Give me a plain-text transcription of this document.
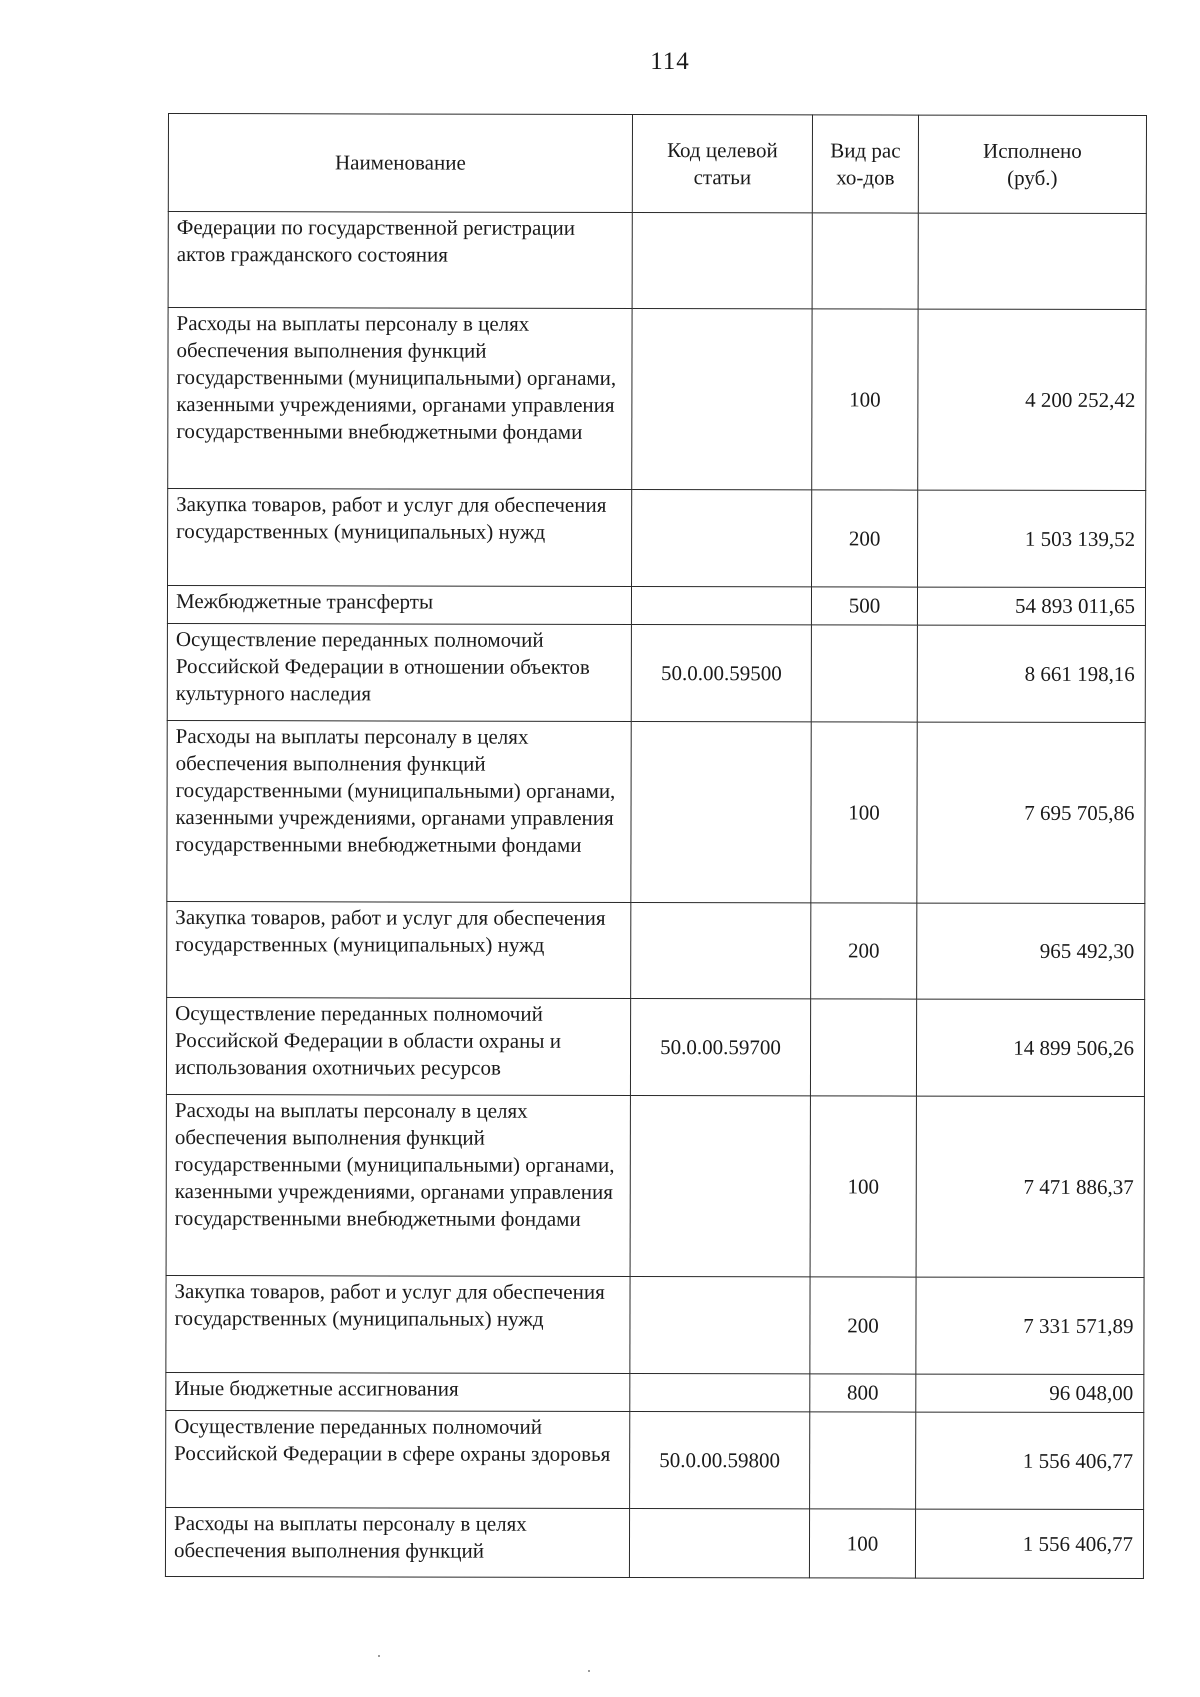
114
Наименование	Код целевой статьи	Вид расхо-дов	Исполнено (руб.)
Федерации по государственной регистрации актов гражданского состояния			
Расходы на выплаты персоналу в целях обеспечения выполнения функций государственными (муниципальными) органами, казенными учреждениями, органами управления государственными внебюджетными фондами		100	4 200 252,42
Закупка товаров, работ и услуг для обеспечения государственных (муниципальных) нужд		200	1 503 139,52
Межбюджетные трансферты		500	54 893 011,65
Осуществление переданных полномочий Российской Федерации в отношении объектов культурного наследия	50.0.00.59500		8 661 198,16
Расходы на выплаты персоналу в целях обеспечения выполнения функций государственными (муниципальными) органами, казенными учреждениями, органами управления государственными внебюджетными фондами		100	7 695 705,86
Закупка товаров, работ и услуг для обеспечения государственных (муниципальных) нужд		200	965 492,30
Осуществление переданных полномочий Российской Федерации в области охраны и использования охотничьих ресурсов	50.0.00.59700		14 899 506,26
Расходы на выплаты персоналу в целях обеспечения выполнения функций государственными (муниципальными) органами, казенными учреждениями, органами управления государственными внебюджетными фондами		100	7 471 886,37
Закупка товаров, работ и услуг для обеспечения государственных (муниципальных) нужд		200	7 331 571,89
Иные бюджетные ассигнования		800	96 048,00
Осуществление переданных полномочий Российской Федерации в сфере охраны здоровья	50.0.00.59800		1 556 406,77
Расходы на выплаты персоналу в целях обеспечения выполнения функций		100	1 556 406,77
